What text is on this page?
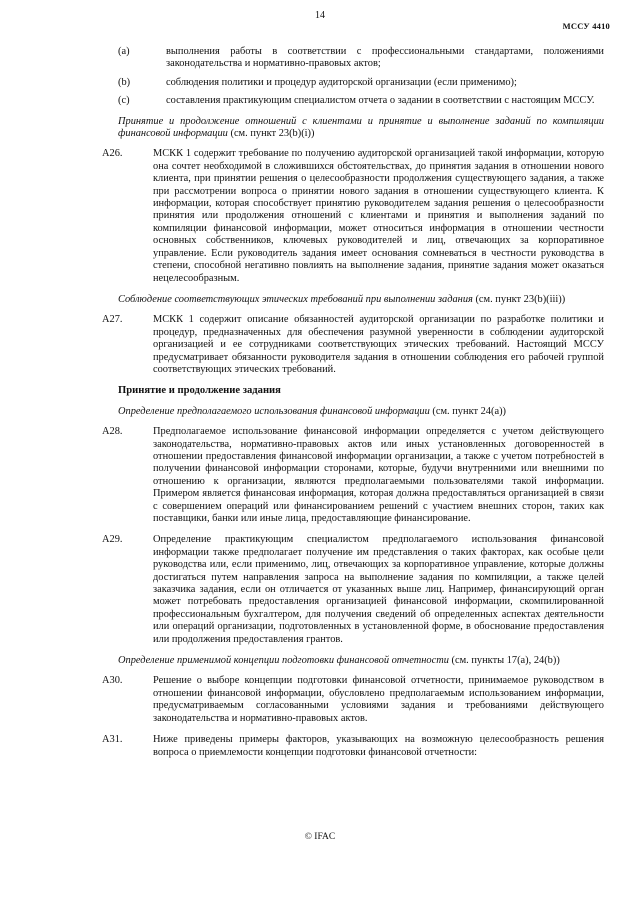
14
МССУ 4410
(a)	выполнения работы в соответствии с профессиональными стандартами, положениями законодательства и нормативно-правовых актов;
(b)	соблюдения политики и процедур аудиторской организации (если применимо);
(c)	составления практикующим специалистом отчета о задании в соответствии с настоящим МССУ.
Принятие и продолжение отношений с клиентами и принятие и выполнение заданий по компиляции финансовой информации (см. пункт 23(b)(i))
A26.	МСКК 1 содержит требование по получению аудиторской организацией такой информации, которую она сочтет необходимой в сложившихся обстоятельствах, до принятия задания в отношении нового клиента, при принятии решения о целесообразности продолжения существующего задания, а также при рассмотрении вопроса о принятии нового задания в отношении существующего клиента. К информации, которая способствует принятию руководителем задания решения о целесообразности принятия или продолжения отношений с клиентами и принятия и выполнения заданий по компиляции финансовой информации, может относиться информация в отношении честности основных собственников, ключевых руководителей и лиц, отвечающих за корпоративное управление. Если руководитель задания имеет основания сомневаться в честности руководства в степени, способной негативно повлиять на выполнение задания, принятие задания может оказаться нецелесообразным.
Соблюдение соответствующих этических требований при выполнении задания (см. пункт 23(b)(iii))
A27.	МСКК 1 содержит описание обязанностей аудиторской организации по разработке политики и процедур, предназначенных для обеспечения разумной уверенности в соблюдении аудиторской организацией и ее сотрудниками соответствующих этических требований. Настоящий МССУ предусматривает обязанности руководителя задания в отношении соблюдения его рабочей группой соответствующих этических требований.
Принятие и продолжение задания
Определение предполагаемого использования финансовой информации (см. пункт 24(a))
A28.	Предполагаемое использование финансовой информации определяется с учетом действующего законодательства, нормативно-правовых актов или иных установленных договоренностей в отношении предоставления финансовой информации организации, а также с учетом потребностей в получении финансовой информации сторонами, которые, будучи внутренними или внешними по отношению к организации, являются предполагаемыми пользователями такой информации. Примером является финансовая информация, которая должна предоставляться организацией в связи с совершением операций или финансированием решений с участием внешних сторон, таких как поставщики, банки или иные лица, предоставляющие финансирование.
A29.	Определение практикующим специалистом предполагаемого использования финансовой информации также предполагает получение им представления о таких факторах, как особые цели руководства или, если применимо, лиц, отвечающих за корпоративное управление, которые должны достигаться путем направления запроса на выполнение задания по компиляции, а также целей заказчика задания, если он отличается от указанных выше лиц. Например, финансирующий орган может потребовать предоставления организацией финансовой информации, скомпилированной профессиональным бухгалтером, для получения сведений об определенных аспектах деятельности или операций организации, подготовленных в установленной форме, в обоснование предоставления или продолжения предоставления грантов.
Определение применимой концепции подготовки финансовой отчетности (см. пункты 17(a), 24(b))
A30.	Решение о выборе концепции подготовки финансовой отчетности, принимаемое руководством в отношении финансовой информации, обусловлено предполагаемым использованием информации, предусматриваемым согласованными условиями задания и требованиями действующего законодательства и нормативно-правовых актов.
A31.	Ниже приведены примеры факторов, указывающих на возможную целесообразность решения вопроса о приемлемости концепции подготовки финансовой отчетности:
© IFAC
